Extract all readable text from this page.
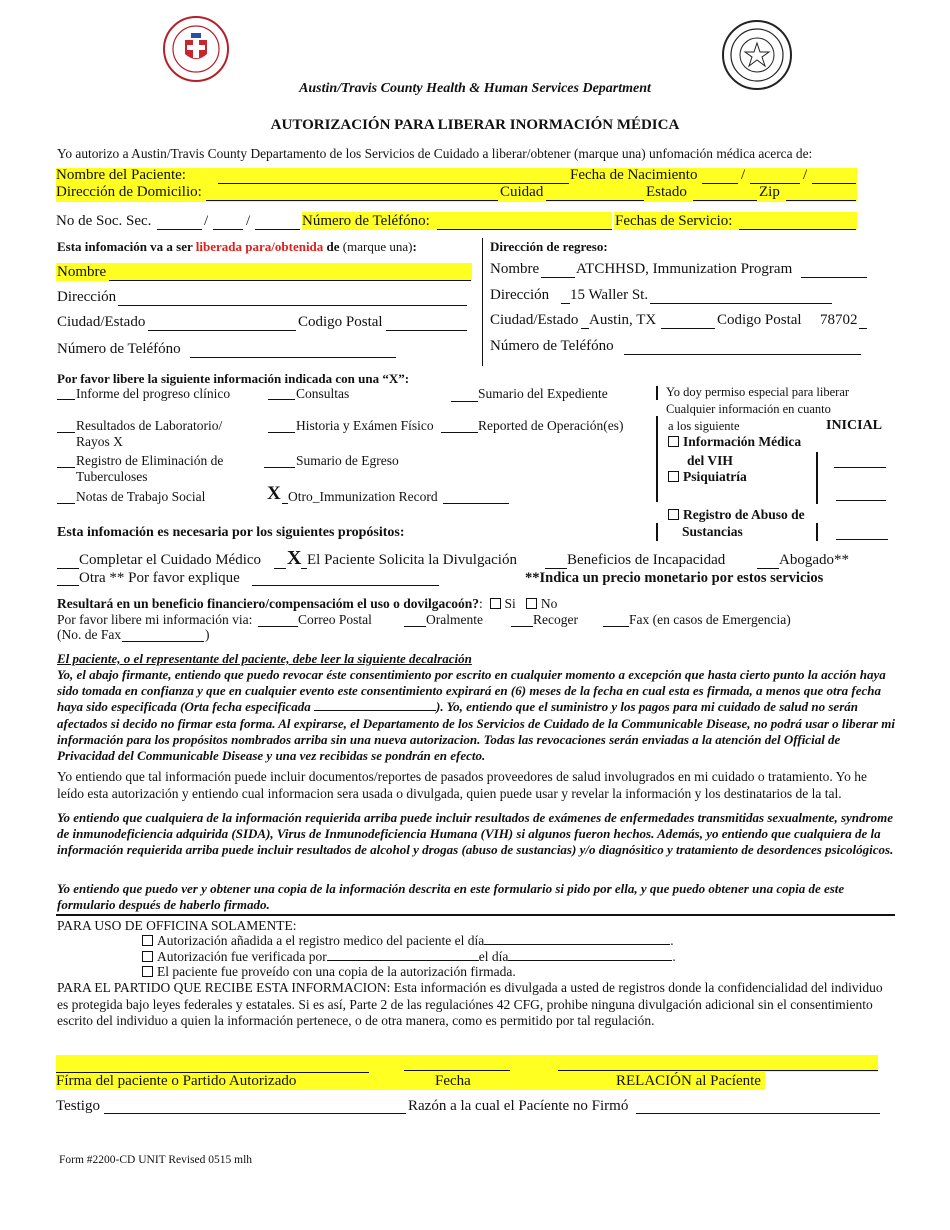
Austin/Travis County Health & Human Services Department
AUTORIZACIÓN PARA LIBERAR INORMACIÓN MÉDICA
Yo autorizo a Austin/Travis County Departamento de los Servicios de Cuidado a liberar/obtener (marque una) unfomación médica acerca de:
Nombre del Paciente:	Fecha de Nacimiento	/	/
Dirección de Domicilio:	Cuidad	Estado	Zip
No de Soc. Sec.	/	/	Número de Teléfóno:	Fechas de Servicio:
Esta infomación va a ser liberada para/obtenida de (marque una):
Nombre
Dirección
Ciudad/Estado	Codigo Postal
Número de Teléfóno
Dirección de regreso:
Nombre ATCHHSD, Immunization Program
Dirección 15 Waller St.
Ciudad/Estado Austin, TX	Codigo Postal 78702
Número de Teléfóno
Por favor libere la siguiente información indicada con una “X”:
Informe del progreso clínico	Consultas	Sumario del Expediente
Resultados de Laboratorio/
Rayos X
Historia y Exámen Físico	Reported de Operación(es)
Registro de Eliminación de
Tuberculoses
Sumario de Egreso
Notas de Trabajo Social	X Otro_Immunization Record
Yo doy permiso especial para liberar
Cualquier información en cuanto
a los siguiente	INICIAL
Información Médica
del VIH
Psiquiatría
Registro de Abuso de
Sustancias
Esta infomación es necesaria por los siguientes propósitos:
Completar el Cuidado Médico X El Paciente Solicita la Divulgación	Beneficios de Incapacidad	Abogado**
Otra ** Por favor explique	**Indica un precio monetario por estos servicios
Resultará en un beneficio financiero/compensacióm el uso o dovilgacoón?:  Si No
Por favor libere mi información via:	Correo Postal	Oralmente	Recoger	Fax (en casos de Emergencia)
(No. de Fax	)
El paciente, o el representante del paciente, debe leer la siguiente decalración
Yo, el abajo firmante, entiendo que puedo revocar éste consentimiento por escrito en cualquier momento a excepción que hasta cierto punto la acción haya sido tomada en confianza y que en cualquier evento este consentimiento expirará en (6) meses de la fecha en cual esta es firmada, a menos que otra fecha haya sido especificada (Orta fecha especificada	). Yo, entiendo que el suministro y los pagos para mi cuidado de salud no serán afectados si decido no firmar esta forma. Al expirarse, el Departamento de los Servicios de Cuidado de la Communicable Disease, no podrá usar o liberar mi información para los propósitos nombrados arriba sin una nueva autorizacion. Todas las revocaciones serán enviadas a la atención del Official de Privacidad del Communicable Disease y una vez recibidas se pondrán en efecto.
Yo entiendo que tal información puede incluir documentos/reportes de pasados proveedores de salud involugrados en mi cuidado o tratamiento. Yo he leído esta autorización y entiendo cual informacion sera usada o divulgada, quien puede usar y revelar la información y los destinatarios de la tal.
Yo entiendo que cualquiera de la información requierida arriba puede incluir resultados de exámenes de enfermedades transmitidas sexualmente, syndrome de inmunodeficiencia adquirida (SIDA), Virus de Inmunodeficiencia Humana (VIH) si algunos fueron hechos. Además, yo entiendo que cualquiera de la información requierida arriba puede incluir resultados de alcohol y drogas (abuso de sustancias) y/o diagnósitico y tratamiento de desordences psicológicos.
Yo entiendo que puedo ver y obtener una copia de la información descrita en este formulario si pido por ella, y que puedo obtener una copia de este formulario después de haberlo firmado.
PARA USO DE OFFICINA SOLAMENTE:
Autorización añadida a el registro medico del paciente el día	.
Autorización fue verificada por	el día	.
El paciente fue proveído con una copia de la autorización firmada.
PARA EL PARTIDO QUE RECIBE ESTA INFORMACION: Esta información es divulgada a usted de registros donde la confidencialidad del individuo es protegida bajo leyes federales y estatales. Si es así, Parte 2 de las regulaciónes 42 CFG, prohibe ninguna divulgación adicional sin el consentimiento escrito del individuo a quien la información pertenece, o de otra manera, como es permitido por tal regulación.
Fírma del paciente o Partido Autorizado	Fecha	RELACIÓN al Pacíente
Testigo	Razón a la cual el Pacíente no Firmó
Form #2200-CD UNIT Revised 0515 mlh
